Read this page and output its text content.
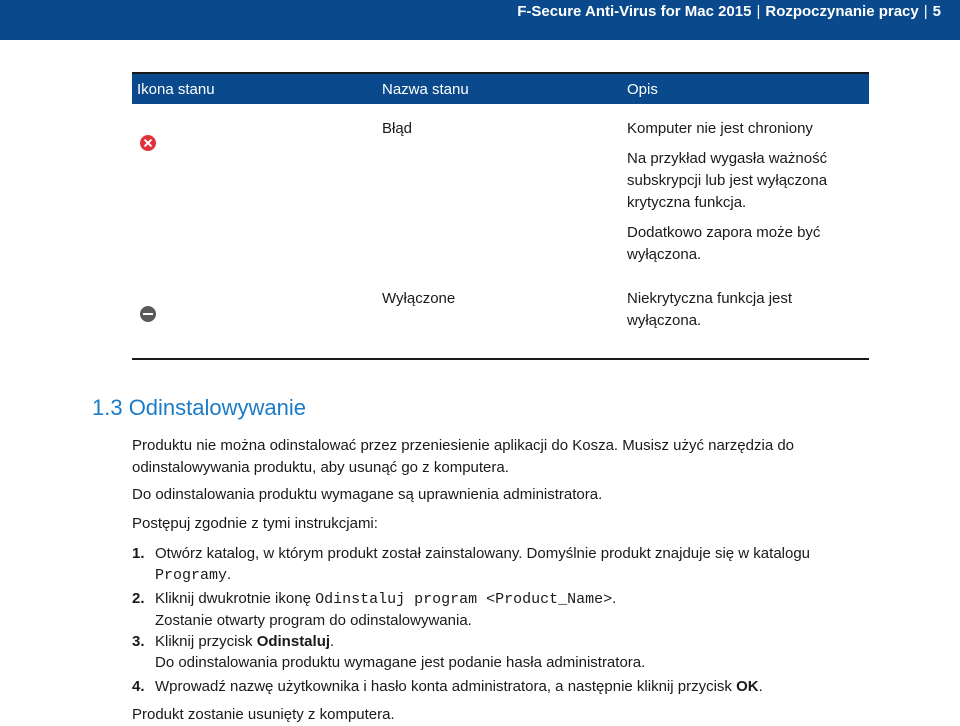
F-Secure Anti-Virus for Mac 2015 | Rozpoczynanie pracy | 5
Ikona stanu	Nazwa stanu	Opis
Błąd	Komputer nie jest chroniony

Na przykład wygasła ważność subskrypcji lub jest wyłączona krytyczna funkcja.

Dodatkowo zapora może być wyłączona.

Wyłączone	Niekrytyczna funkcja jest wyłączona.

1.3 Odinstalowywanie

Produktu nie można odinstalować przez przeniesienie aplikacji do Kosza. Musisz użyć narzędzia do odinstalowywania produktu, aby usunąć go z komputera.

Do odinstalowania produktu wymagane są uprawnienia administratora.

Postępuj zgodnie z tymi instrukcjami:

1. Otwórz katalog, w którym produkt został zainstalowany. Domyślnie produkt znajduje się w katalogu
Programy.
2. Kliknij dwukrotnie ikonę Odinstaluj program <Product_Name>.
Zostanie otwarty program do odinstalowywania.
3. Kliknij przycisk Odinstaluj.
Do odinstalowania produktu wymagane jest podanie hasła administratora.
4. Wprowadź nazwę użytkownika i hasło konta administratora, a następnie kliknij przycisk OK.

Produkt zostanie usunięty z komputera.
